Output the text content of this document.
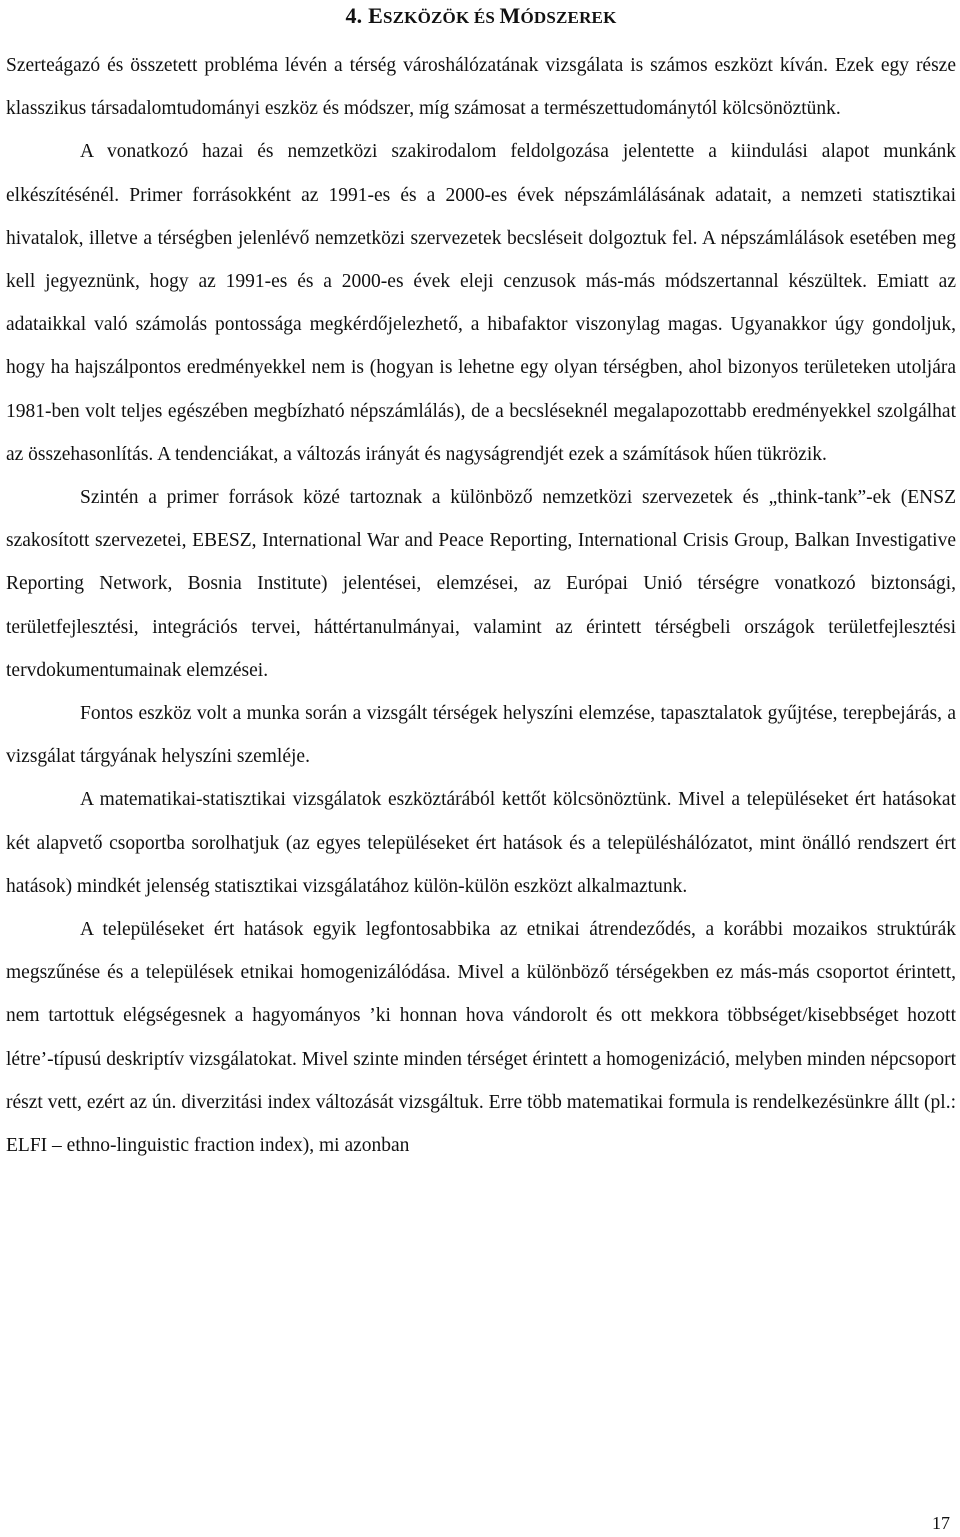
4. ESZKÖZÖK ÉS MÓDSZEREK

Szerteágazó és összetett probléma lévén a térség városhálózatának vizsgálata is számos eszközt kíván. Ezek egy része klasszikus társadalomtudományi eszköz és módszer, míg számosat a természettudománytól kölcsönöztünk.

A vonatkozó hazai és nemzetközi szakirodalom feldolgozása jelentette a kiindulási alapot munkánk elkészítésénél. Primer forrásokként az 1991-es és a 2000-es évek népszámlálásának adatait, a nemzeti statisztikai hivatalok, illetve a térségben jelenlévő nemzetközi szervezetek becsléseit dolgoztuk fel. A népszámlálások esetében meg kell jegyeznünk, hogy az 1991-es és a 2000-es évek eleji cenzusok más-más módszertannal készültek. Emiatt az adataikkal való számolás pontossága megkérdőjelezhető, a hibafaktor viszonylag magas. Ugyanakkor úgy gondoljuk, hogy ha hajszálpontos eredményekkel nem is (hogyan is lehetne egy olyan térségben, ahol bizonyos területeken utoljára 1981-ben volt teljes egészében megbízható népszámlálás), de a becsléseknél megalapozottabb eredményekkel szolgálhat az összehasonlítás. A tendenciákat, a változás irányát és nagyságrendjét ezek a számítások hűen tükrözik.

Szintén a primer források közé tartoznak a különböző nemzetközi szervezetek és „think-tank”-ek (ENSZ szakosított szervezetei, EBESZ, International War and Peace Reporting, International Crisis Group, Balkan Investigative Reporting Network, Bosnia Institute) jelentései, elemzései, az Európai Unió térségre vonatkozó biztonsági, területfejlesztési, integrációs tervei, háttértanulmányai, valamint az érintett térségbeli országok területfejlesztési tervdokumentumainak elemzései.

Fontos eszköz volt a munka során a vizsgált térségek helyszíni elemzése, tapasztalatok gyűjtése, terepbejárás, a vizsgálat tárgyának helyszíni szemléje.

A matematikai-statisztikai vizsgálatok eszköztárából kettőt kölcsönöztünk. Mivel a településeket ért hatásokat két alapvető csoportba sorolhatjuk (az egyes településeket ért hatások és a településhálózatot, mint önálló rendszert ért hatások) mindkét jelenség statisztikai vizsgálatához külön-külön eszközt alkalmaztunk.

A településeket ért hatások egyik legfontosabbika az etnikai átrendeződés, a korábbi mozaikos struktúrák megszűnése és a települések etnikai homogenizálódása. Mivel a különböző térségekben ez más-más csoportot érintett, nem tartottuk elégségesnek a hagyományos ’ki honnan hova vándorolt és ott mekkora többséget/kisebbséget hozott létre’-típusú deskriptív vizsgálatokat. Mivel szinte minden térséget érintett a homogenizáció, melyben minden népcsoport részt vett, ezért az ún. diverzitási index változását vizsgáltuk. Erre több matematikai formula is rendelkezésünkre állt (pl.: ELFI – ethno-linguistic fraction index), mi azonban

17
